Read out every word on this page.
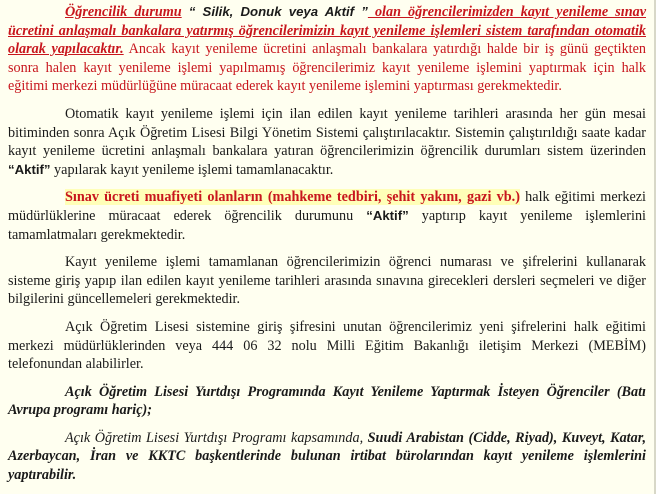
Öğrencilik durumu “ Silik, Donuk veya Aktif ” olan öğrencilerimizden kayıt yenileme sınav ücretini anlaşmalı bankalara yatırmış öğrencilerimizin kayıt yenileme işlemleri sistem tarafından otomatik olarak yapılacaktır. Ancak kayıt yenileme ücretini anlaşmalı bankalara yatırdığı halde bir iş günü geçtikten sonra halen kayıt yenileme işlemi yapılmamış öğrencilerimiz kayıt yenileme işlemini yaptırmak için halk eğitimi merkezi müdürlüğüne müracaat ederek kayıt yenileme işlemini yaptırması gerekmektedir.

Otomatik kayıt yenileme işlemi için ilan edilen kayıt yenileme tarihleri arasında her gün mesai bitiminden sonra Açık Öğretim Lisesi Bilgi Yönetim Sistemi çalıştırılacaktır. Sistemin çalıştırıldığı saate kadar kayıt yenileme ücretini anlaşmalı bankalara yatıran öğrencilerimizin öğrencilik durumları sistem üzerinden “Aktif” yapılarak kayıt yenileme işlemi tamamlanacaktır.

Sınav ücreti muafiyeti olanların (mahkeme tedbiri, şehit yakını, gazi vb.) halk eğitimi merkezi müdürlüklerine müracaat ederek öğrencilik durumunu “Aktif” yaptırıp kayıt yenileme işlemlerini tamamlatmaları gerekmektedir.

Kayıt yenileme işlemi tamamlanan öğrencilerimizin öğrenci numarası ve şifrelerini kullanarak sisteme giriş yapıp ilan edilen kayıt yenileme tarihleri arasında sınavına girecekleri dersleri seçmeleri ve diğer bilgilerini güncellemeleri gerekmektedir.

Açık Öğretim Lisesi sistemine giriş şifresini unutan öğrencilerimiz yeni şifrelerini halk eğitimi merkezi müdürlüklerinden veya 444 06 32 nolu Milli Eğitim Bakanlığı iletişim Merkezi (MEBİM) telefonundan alabilirler.

Açık Öğretim Lisesi Yurtdışı Programında Kayıt Yenileme Yaptırmak İsteyen Öğrenciler (Batı Avrupa programı hariç);

Açık Öğretim Lisesi Yurtdışı Programı kapsamında, Suudi Arabistan (Cidde, Riyad), Kuveyt, Katar, Azerbaycan, İran ve KKTC başkentlerinde bulunan irtibat bürolarından kayıt yenileme işlemlerini yaptırabilir.
